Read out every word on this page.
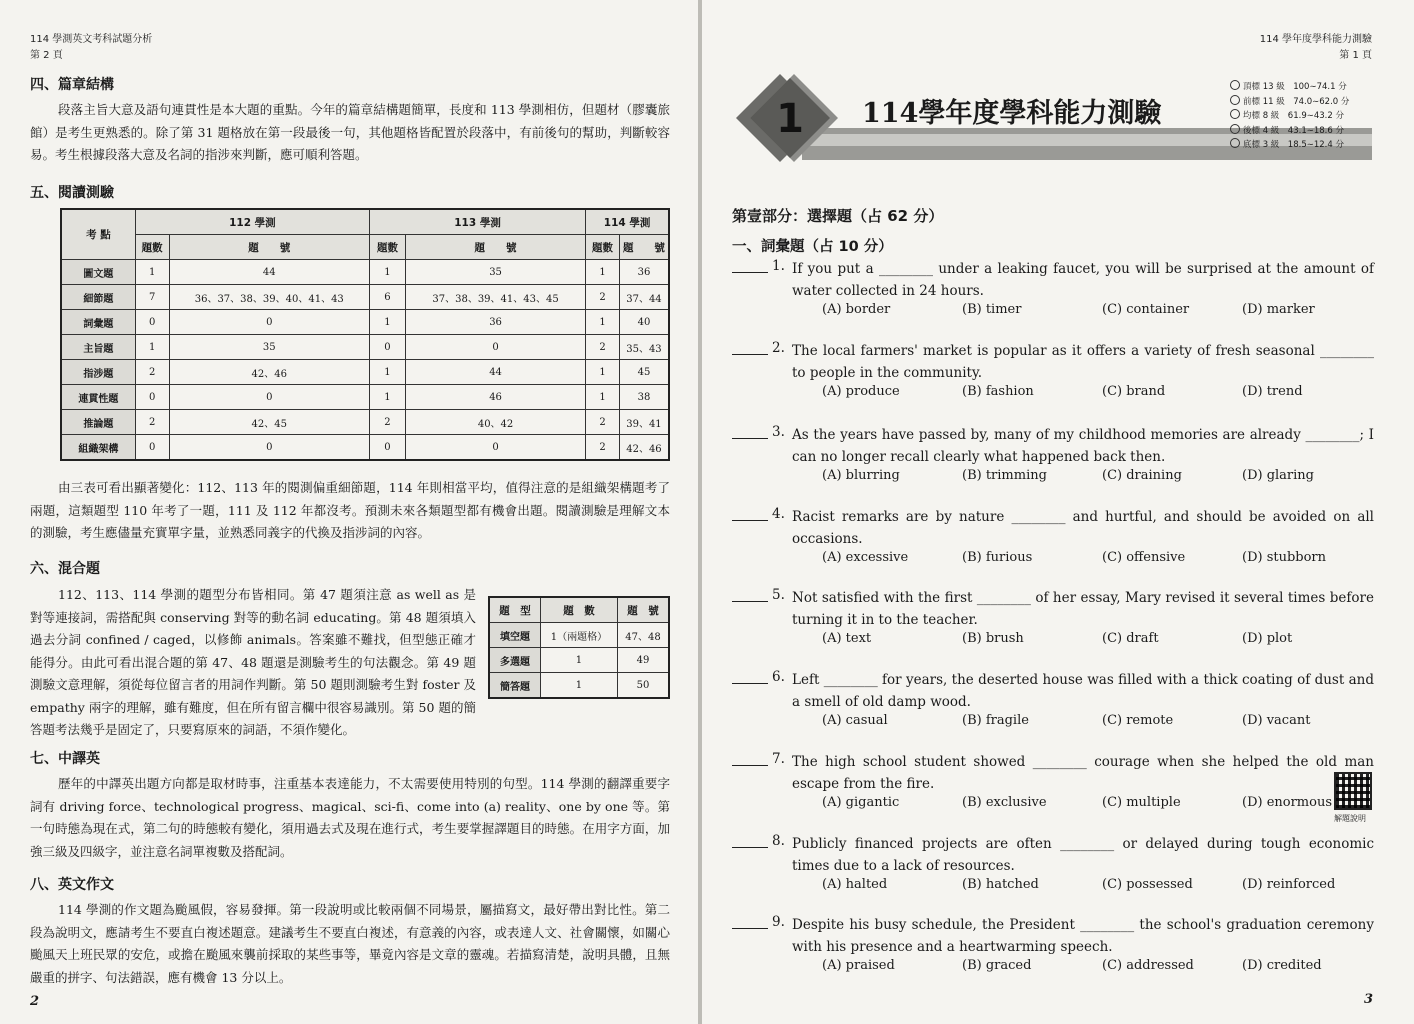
114 學測英文考科試題分析
第 2 頁
四、篇章結構

段落主旨大意及語句連貫性是本大題的重點。今年的篇章結構題簡單，長度和 113 學測相仿，但題材（膠囊旅館）是考生更熟悉的。除了第 31 題格放在第一段最後一句，其他題格皆配置於段落中，有前後句的幫助，判斷較容易。考生根據段落大意及名詞的指涉來判斷，應可順利答題。

五、閱讀測驗
考 點	112 學測		113 學測		114 學測	
	題數	題　　號	題數	題　　號	題數	題　　號
圖文題	1	44	1	35	1	36
細節題	7	36、37、38、39、40、41、43	6	37、38、39、41、43、45	2	37、44
詞彙題	0	0	1	36	1	40
主旨題	1	35	0	0	2	35、43
指涉題	2	42、46	1	44	1	45
連貫性題	0	0	1	46	1	38
推論題	2	42、45	2	40、42	2	39、41
組織架構	0	0	0	0	2	42、46

由三表可看出顯著變化：112、113 年的閱測偏重細節題，114 年則相當平均，值得注意的是組織架構題考了兩題，這類題型 110 年考了一題，111 及 112 年都沒考。預測未來各類題型都有機會出題。閱讀測驗是理解文本的測驗，考生應儘量充實單字量，並熟悉同義字的代換及指涉詞的內容。

六、混合題

112、113、114 學測的題型分布皆相同。第 47 題須注意 as well as 是對等連接詞，需搭配與 conserving 對等的動名詞 educating。第 48 題須填入過去分詞 confined / caged，以修飾 animals。答案雖不難找，但型態正確才能得分。由此可看出混合題的第 47、48 題還是測驗考生的句法觀念。第 49 題測驗文意理解，須從每位留言者的用詞作判斷。第 50 題則測驗考生對 foster 及 empathy 兩字的理解，雖有難度，但在所有留言欄中很容易識別。第 50 題的簡答題考法幾乎是固定了，只要寫原來的詞語，不須作變化。

題　型	題　數	題　號
填空題	1（兩題格）	47、48
多選題	1	49
簡答題	1	50
七、中譯英

歷年的中譯英出題方向都是取材時事，注重基本表達能力，不太需要使用特別的句型。114 學測的翻譯重要字詞有 driving force、technological progress、magical、sci-fi、come into (a) reality、one by one 等。第一句時態為現在式，第二句的時態較有變化，須用過去式及現在進行式，考生要掌握譯題目的時態。在用字方面，加強三級及四級字，並注意名詞單複數及搭配詞。

八、英文作文

114 學測的作文題為颱風假，容易發揮。第一段說明或比較兩個不同場景，屬描寫文，最好帶出對比性。第二段為說明文，應請考生不要直白複述題意。建議考生不要直白複述，有意義的內容，或表達人文、社會關懷，如關心颱風天上班民眾的安危，或擔在颱風來襲前採取的某些事等，畢竟內容是文章的靈魂。若描寫清楚，說明具體，且無嚴重的拼字、句法錯誤，應有機會 13 分以上。

2
114 學年度學科能力測驗
第 1 頁
1 114學年度學科能力測驗
頂標 13 級　100∼74.1 分
前標 11 級　74.0∼62.0 分
均標 8 級　61.9∼43.2 分
後標 4 級　43.1∼18.6 分
底標 3 級　18.5∼12.4 分
第壹部分：選擇題（占 62 分）
一、詞彙題（占 10 分）
1. If you put a ________ under a leaking faucet, you will be surprised at the amount of water collected in 24 hours.
(A) border	(B) timer	(C) container	(D) marker
2. The local farmers' market is popular as it offers a variety of fresh seasonal ________ to people in the community.
(A) produce	(B) fashion	(C) brand	(D) trend
3. As the years have passed by, many of my childhood memories are already ________; I can no longer recall clearly what happened back then.
(A) blurring	(B) trimming	(C) draining	(D) glaring
4. Racist remarks are by nature ________ and hurtful, and should be avoided on all occasions.
(A) excessive	(B) furious	(C) offensive	(D) stubborn
5. Not satisfied with the first ________ of her essay, Mary revised it several times before turning it in to the teacher.
(A) text	(B) brush	(C) draft	(D) plot
6. Left ________ for years, the deserted house was filled with a thick coating of dust and a smell of old damp wood.
(A) casual	(B) fragile	(C) remote	(D) vacant
7. The high school student showed ________ courage when she helped the old man escape from the fire.
(A) gigantic	(B) exclusive	(C) multiple	(D) enormous
8. Publicly financed projects are often ________ or delayed during tough economic times due to a lack of resources.
(A) halted	(B) hatched	(C) possessed	(D) reinforced
9. Despite his busy schedule, the President ________ the school's graduation ceremony with his presence and a heartwarming speech.
(A) praised	(B) graced	(C) addressed	(D) credited
解題說明
3
